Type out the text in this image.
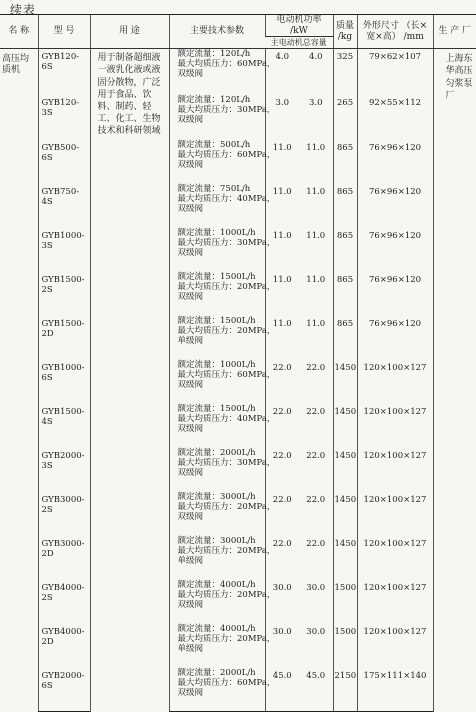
续表
名 称	型 号	用 途	主要技术参数	电动机功率 /kW		质量 /kg	外形尺寸 （长×宽×高） /mm	生 产 厂
				主电动机总容量				
高压均质机	GYB120-6S	用于制备超细液一液乳化液或液固分散物，广泛用于食品、饮料、制药、轻工、化工、生物技术和科研领域	额定流量：120L/h
最大均质压力：60MPa，
双级阀	4.0	4.0	325	79×62×107	上海东华高压匀浆泵厂
	GYB120-3S		额定流量：120L/h
最大均质压力：30MPa，
双级阀	3.0	3.0	265	92×55×112	
	GYB500-6S		额定流量：500L/h
最大均质压力：60MPa，
双级阀	11.0	11.0	865	76×96×120	
	GYB750-4S		额定流量：750L/h
最大均质压力：40MPa，
双级阀	11.0	11.0	865	76×96×120	
	GYB1000-3S		额定流量：1000L/h
最大均质压力：30MPa，
双级阀	11.0	11.0	865	76×96×120	
	GYB1500-2S		额定流量：1500L/h
最大均质压力：20MPa，
双级阀	11.0	11.0	865	76×96×120	
	GYB1500-2D		额定流量：1500L/h
最大均质压力：20MPa，
单级阀	11.0	11.0	865	76×96×120	
	GYB1000-6S		额定流量：1000L/h
最大均质压力：60MPa，
双级阀	22.0	22.0	1450	120×100×127	
	GYB1500-4S		额定流量：1500L/h
最大均质压力：40MPa，
双级阀	22.0	22.0	1450	120×100×127	
	GYB2000-3S		额定流量：2000L/h
最大均质压力：30MPa，
双级阀	22.0	22.0	1450	120×100×127	
	GYB3000-2S		额定流量：3000L/h
最大均质压力：20MPa，
双级阀	22.0	22.0	1450	120×100×127	
	GYB3000-2D		额定流量：3000L/h
最大均质压力：20MPa，
单级阀	22.0	22.0	1450	120×100×127	
	GYB4000-2S		额定流量：4000L/h
最大均质压力：20MPa，
双级阀	30.0	30.0	1500	120×100×127	
	GYB4000-2D		额定流量：4000L/h
最大均质压力：20MPa，
单级阀	30.0	30.0	1500	120×100×127	
	GYB2000-6S		额定流量：2000L/h
最大均质压力：60MPa，
双级阀	45.0	45.0	2150	175×111×140	
